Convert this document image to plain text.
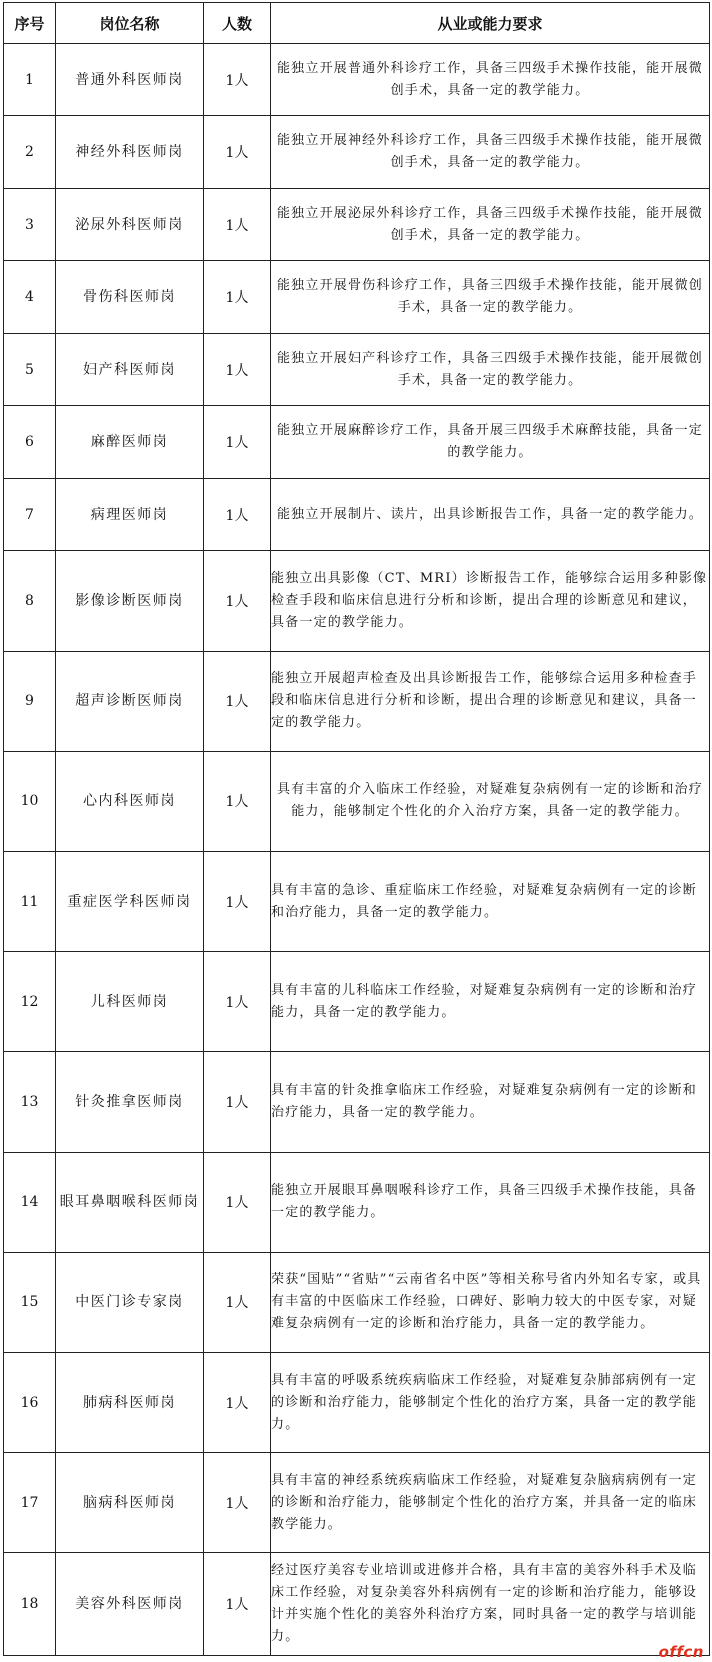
序号	岗位名称	人数	从业或能力要求
1	普通外科医师岗	1人	能独立开展普通外科诊疗工作，具备三四级手术操作技能，能开展微创手术，具备一定的教学能力。
2	神经外科医师岗	1人	能独立开展神经外科诊疗工作，具备三四级手术操作技能，能开展微创手术，具备一定的教学能力。
3	泌尿外科医师岗	1人	能独立开展泌尿外科诊疗工作，具备三四级手术操作技能，能开展微创手术，具备一定的教学能力。
4	骨伤科医师岗	1人	能独立开展骨伤科诊疗工作，具备三四级手术操作技能，能开展微创手术，具备一定的教学能力。
5	妇产科医师岗	1人	能独立开展妇产科诊疗工作，具备三四级手术操作技能，能开展微创手术，具备一定的教学能力。
6	麻醉医师岗	1人	能独立开展麻醉诊疗工作，具备开展三四级手术麻醉技能，具备一定的教学能力。
7	病理医师岗	1人	能独立开展制片、读片，出具诊断报告工作，具备一定的教学能力。
8	影像诊断医师岗	1人	能独立出具影像（CT、MRI）诊断报告工作，能够综合运用多种影像检查手段和临床信息进行分析和诊断，提出合理的诊断意见和建议，具备一定的教学能力。
9	超声诊断医师岗	1人	能独立开展超声检查及出具诊断报告工作，能够综合运用多种检查手段和临床信息进行分析和诊断，提出合理的诊断意见和建议，具备一定的教学能力。
10	心内科医师岗	1人	具有丰富的介入临床工作经验，对疑难复杂病例有一定的诊断和治疗能力，能够制定个性化的介入治疗方案，具备一定的教学能力。
11	重症医学科医师岗	1人	具有丰富的急诊、重症临床工作经验，对疑难复杂病例有一定的诊断和治疗能力，具备一定的教学能力。
12	儿科医师岗	1人	具有丰富的儿科临床工作经验，对疑难复杂病例有一定的诊断和治疗能力，具备一定的教学能力。
13	针灸推拿医师岗	1人	具有丰富的针灸推拿临床工作经验，对疑难复杂病例有一定的诊断和治疗能力，具备一定的教学能力。
14	眼耳鼻咽喉科医师岗	1人	能独立开展眼耳鼻咽喉科诊疗工作，具备三四级手术操作技能，具备一定的教学能力。
15	中医门诊专家岗	1人	荣获“国贴”“省贴”“云南省名中医”等相关称号省内外知名专家，或具有丰富的中医临床工作经验，口碑好、影响力较大的中医专家，对疑难复杂病例有一定的诊断和治疗能力，具备一定的教学能力。
16	肺病科医师岗	1人	具有丰富的呼吸系统疾病临床工作经验，对疑难复杂肺部病例有一定的诊断和治疗能力，能够制定个性化的治疗方案，具备一定的教学能力。
17	脑病科医师岗	1人	具有丰富的神经系统疾病临床工作经验，对疑难复杂脑病病例有一定的诊断和治疗能力，能够制定个性化的治疗方案，并具备一定的临床教学能力。
18	美容外科医师岗	1人	经过医疗美容专业培训或进修并合格，具有丰富的美容外科手术及临床工作经验，对复杂美容外科病例有一定的诊断和治疗能力，能够设计并实施个性化的美容外科治疗方案，同时具备一定的教学与培训能力。
offcn
